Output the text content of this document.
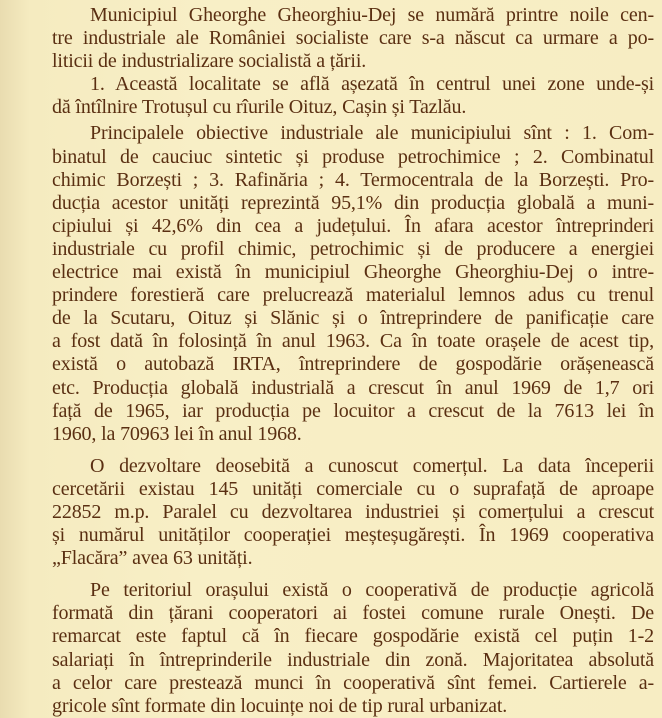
Municipiul Gheorghe Gheorghiu-Dej se numără printre noile cen-
tre industriale ale României socialiste care s-a născut ca urmare a po-
liticii de industrializare socialistă a țării.
1. Această localitate se află așezată în centrul unei zone unde-și
dă întîlnire Trotușul cu rîurile Oituz, Cașin și Tazlău.
Principalele obiective industriale ale municipiului sînt : 1. Com-
binatul de cauciuc sintetic și produse petrochimice ; 2. Combinatul
chimic Borzești ; 3. Rafinăria ; 4. Termocentrala de la Borzești. Pro-
ducția acestor unități reprezintă 95,1% din producția globală a muni-
cipiului și 42,6% din cea a județului. În afara acestor întreprinderi
industriale cu profil chimic, petrochimic și de producere a energiei
electrice mai există în municipiul Gheorghe Gheorghiu-Dej o intre-
prindere forestieră care prelucrează materialul lemnos adus cu trenul
de la Scutaru, Oituz și Slănic și o întreprindere de panificație care
a fost dată în folosință în anul 1963. Ca în toate orașele de acest tip,
există o autobază IRTA, întreprindere de gospodărie orășenească
etc. Producția globală industrială a crescut în anul 1969 de 1,7 ori
față de 1965, iar producția pe locuitor a crescut de la 7613 lei în
1960, la 70963 lei în anul 1968.
O dezvoltare deosebită a cunoscut comerțul. La data începerii
cercetării existau 145 unități comerciale cu o suprafață de aproape
22852 m.p. Paralel cu dezvoltarea industriei și comerțului a crescut
și numărul unităților cooperației meșteșugărești. În 1969 cooperativa
„Flacăra” avea 63 unități.
Pe teritoriul orașului există o cooperativă de producție agricolă
formată din țărani cooperatori ai fostei comune rurale Onești. De
remarcat este faptul că în fiecare gospodărie există cel puțin 1-2
salariați în întreprinderile industriale din zonă. Majoritatea absolută
a celor care prestează munci în cooperativă sînt femei. Cartierele a-
gricole sînt formate din locuințe noi de tip rural urbanizat.
